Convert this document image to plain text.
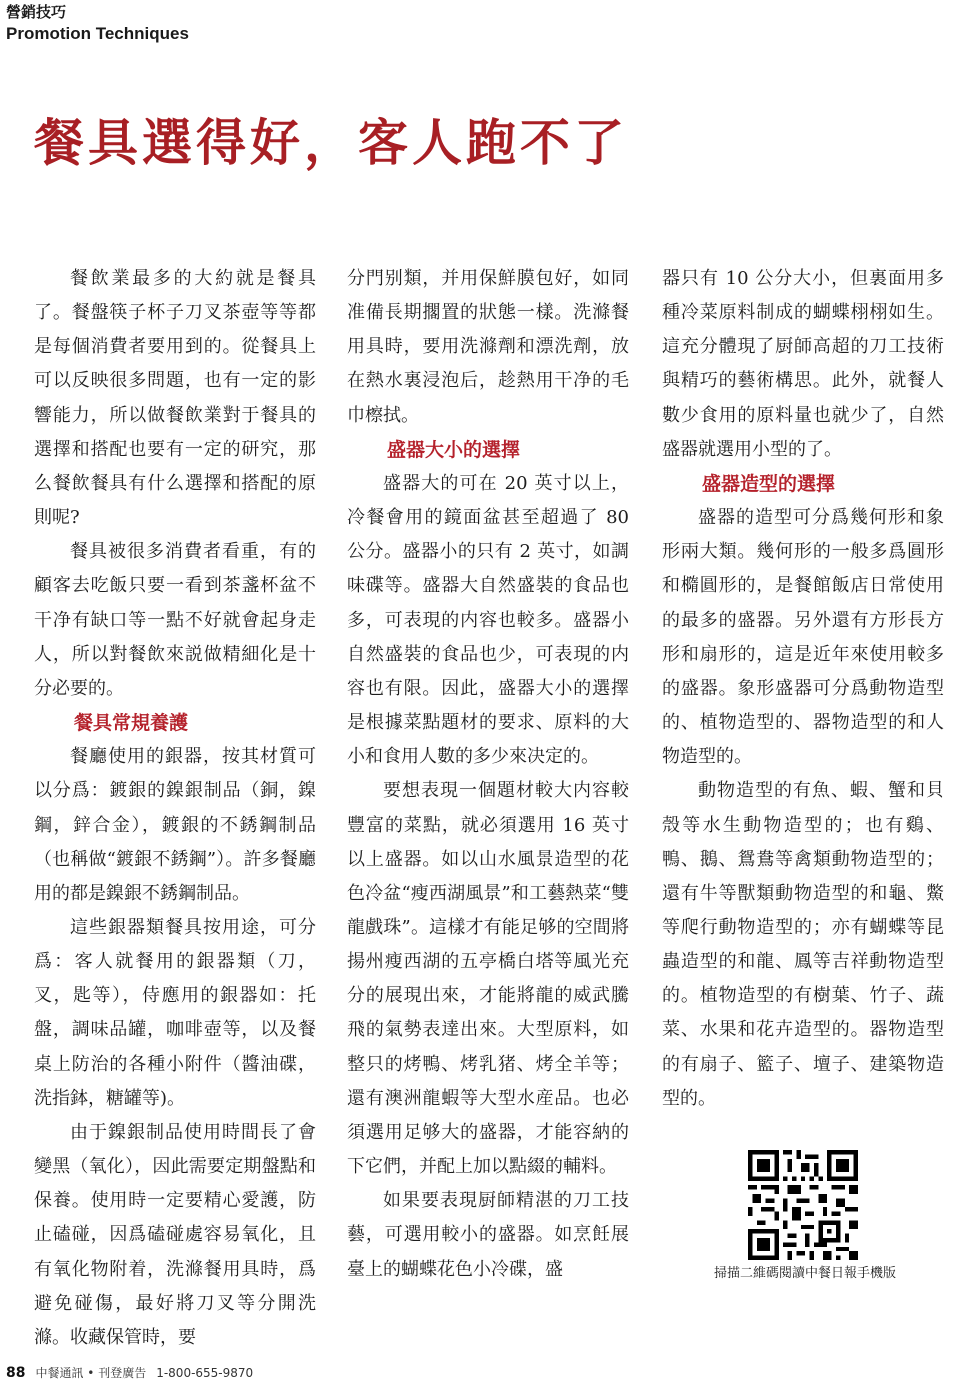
營銷技巧
Promotion Techniques
餐具選得好，客人跑不了

餐飲業最多的大約就是餐具了。餐盤筷子杯子刀叉茶壺等等都是每個消費者要用到的。從餐具上可以反映很多問題，也有一定的影響能力，所以做餐飲業對于餐具的選擇和搭配也要有一定的研究，那么餐飲餐具有什么選擇和搭配的原則呢?

餐具被很多消費者看重，有的顧客去吃飯只要一看到茶盞杯盆不干净有缺口等一點不好就會起身走人，所以對餐飲來説做精細化是十分必要的。

餐具常規養護

餐廳使用的銀器，按其材質可以分爲：鍍銀的鎳銀制品（銅，鎳鋼，鋅合金），鍍銀的不銹鋼制品（也稱做“鍍銀不銹鋼”）。許多餐廳用的都是鎳銀不銹鋼制品。

這些銀器類餐具按用途，可分爲：客人就餐用的銀器類（刀，叉，匙等），侍應用的銀器如：托盤，調味品罐，咖啡壺等，以及餐桌上防治的各種小附件（醬油碟，洗指鉢，糖罐等)。

由于鎳銀制品使用時間長了會變黑（氧化），因此需要定期盤點和保養。使用時一定要精心愛護，防止磕碰，因爲磕碰處容易氧化，且有氧化物附着，洗滌餐用具時，爲避免碰傷，最好將刀叉等分開洗滌。收藏保管時，要

分門别類，并用保鮮膜包好，如同准備長期擱置的狀態一樣。洗滌餐用具時，要用洗滌劑和漂洗劑，放在熱水裏浸泡后，趁熱用干净的毛巾檫拭。

盛器大小的選擇

盛器大的可在 20 英寸以上，冷餐會用的鏡面盆甚至超過了 80 公分。盛器小的只有 2 英寸，如調味碟等。盛器大自然盛裝的食品也多，可表現的内容也較多。盛器小自然盛裝的食品也少，可表現的内容也有限。因此，盛器大小的選擇是根據菜點題材的要求、原料的大小和食用人數的多少來决定的。

要想表現一個題材較大内容較豐富的菜點，就必須選用 16 英寸以上盛器。如以山水風景造型的花色冷盆“瘦西湖風景”和工藝熱菜“雙龍戲珠”。這樣才有能足够的空間將揚州瘦西湖的五亭橋白塔等風光充分的展現出來，才能將龍的威武騰飛的氣勢表達出來。大型原料，如整只的烤鴨、烤乳猪、烤全羊等；還有澳洲龍蝦等大型水産品。也必須選用足够大的盛器，才能容納的下它們，并配上加以點綴的輔料。

如果要表現厨師精湛的刀工技藝，可選用較小的盛器。如烹飪展臺上的蝴蝶花色小冷碟，盛

器只有 10 公分大小，但裏面用多種冷菜原料制成的蝴蝶栩栩如生。這充分體現了厨師高超的刀工技術與精巧的藝術構思。此外，就餐人數少食用的原料量也就少了，自然盛器就選用小型的了。

盛器造型的選擇

盛器的造型可分爲幾何形和象形兩大類。幾何形的一般多爲圓形和橢圓形的，是餐館飯店日常使用的最多的盛器。另外還有方形長方形和扇形的，這是近年來使用較多的盛器。象形盛器可分爲動物造型的、植物造型的、器物造型的和人物造型的。

動物造型的有魚、蝦、蟹和貝殼等水生動物造型的；也有鷄、鴨、鵝、鴛鴦等禽類動物造型的；還有牛等獸類動物造型的和龜、鱉等爬行動物造型的；亦有蝴蝶等昆蟲造型的和龍、鳳等吉祥動物造型的。植物造型的有樹葉、竹子、蔬菜、水果和花卉造型的。器物造型的有扇子、籃子、壇子、建築物造型的。

掃描二維碼閱讀中餐日報手機版
88 中餐通訊 • 刊登廣告 1-800-655-9870
